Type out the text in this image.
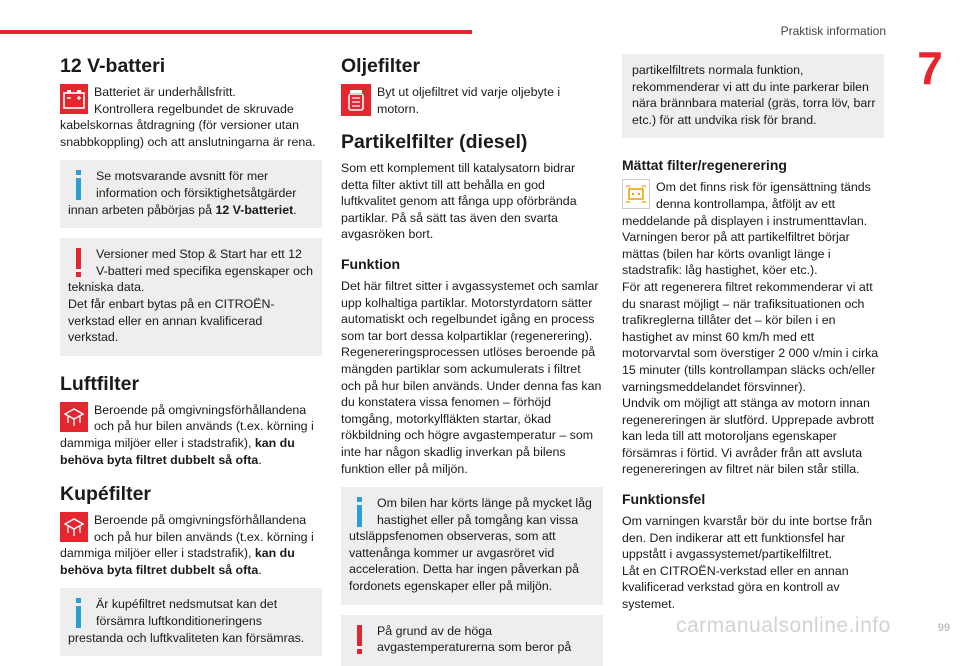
Praktisk information
7
12 V-batteri

Batteriet är underhållsfritt.

Kontrollera regelbundet de skruvade kabelskornas åtdragning (för versioner utan snabbkoppling) och att anslutningarna är rena.

Se motsvarande avsnitt för mer information och försiktighetsåtgärder innan arbeten påbörjas på 12 V-batteriet.

Versioner med Stop & Start har ett 12 V-batteri med specifika egenskaper och tekniska data.
Det får enbart bytas på en CITROËN-verkstad eller en annan kvalificerad verkstad.

Luftfilter

Beroende på omgivningsförhållandena och på hur bilen används (t.ex. körning i dammiga miljöer eller i stadstrafik), kan du behöva byta filtret dubbelt så ofta.

Kupéfilter

Beroende på omgivningsförhållandena och på hur bilen används (t.ex. körning i dammiga miljöer eller i stadstrafik), kan du behöva byta filtret dubbelt så ofta.

Är kupéfiltret nedsmutsat kan det försämra luftkonditioneringens prestanda och luftkvaliteten kan försämras.

Oljefilter

Byt ut oljefiltret vid varje oljebyte i motorn.

Partikelfilter (diesel)

Som ett komplement till katalysatorn bidrar detta filter aktivt till att behålla en god luftkvalitet genom att fånga upp oförbrända partiklar. På så sätt tas även den svarta avgasröken bort.

Funktion

Det här filtret sitter i avgassystemet och samlar upp kolhaltiga partiklar. Motorstyrdatorn sätter automatiskt och regelbundet igång en process som tar bort dessa kolpartiklar (regenerering). Regenereringsprocessen utlöses beroende på mängden partiklar som ackumulerats i filtret och på hur bilen används. Under denna fas kan du konstatera vissa fenomen – förhöjd tomgång, motorkylfläkten startar, ökad rökbildning och högre avgastemperatur – som inte har någon skadlig inverkan på bilens funktion eller på miljön.

Om bilen har körts länge på mycket låg hastighet eller på tomgång kan vissa utsläppsfenomen observeras, som att vattenånga kommer ur avgasröret vid acceleration. Detta har ingen påverkan på fordonets egenskaper eller på miljön.

På grund av de höga avgastemperaturerna som beror på

partikelfiltrets normala funktion, rekommenderar vi att du inte parkerar bilen nära brännbara material (gräs, torra löv, barr etc.) för att undvika risk för brand.

Mättat filter/regenerering

Om det finns risk för igensättning tänds denna kontrollampa, åtföljt av ett meddelande på displayen i instrumenttavlan.
Varningen beror på att partikelfiltret börjar mättas (bilen har körts ovanligt länge i stadstrafik: låg hastighet, köer etc.).
För att regenerera filtret rekommenderar vi att du snarast möjligt – när trafiksituationen och trafikreglerna tillåter det – kör bilen i en hastighet av minst 60 km/h med ett motorvarvtal som överstiger 2 000 v/min i cirka 15 minuter (tills kontrollampan släcks och/eller varningsmeddelandet försvinner).
Undvik om möjligt att stänga av motorn innan regenereringen är slutförd. Upprepade avbrott kan leda till att motoroljans egenskaper försämras i förtid. Vi avråder från att avsluta regenereringen av filtret när bilen står stilla.

Funktionsfel

Om varningen kvarstår bör du inte bortse från den. Den indikerar att ett funktionsfel har uppstått i avgassystemet/partikelfiltret.
Låt en CITROËN-verkstad eller en annan kvalificerad verkstad göra en kontroll av systemet.

carmanualsonline.info	99
